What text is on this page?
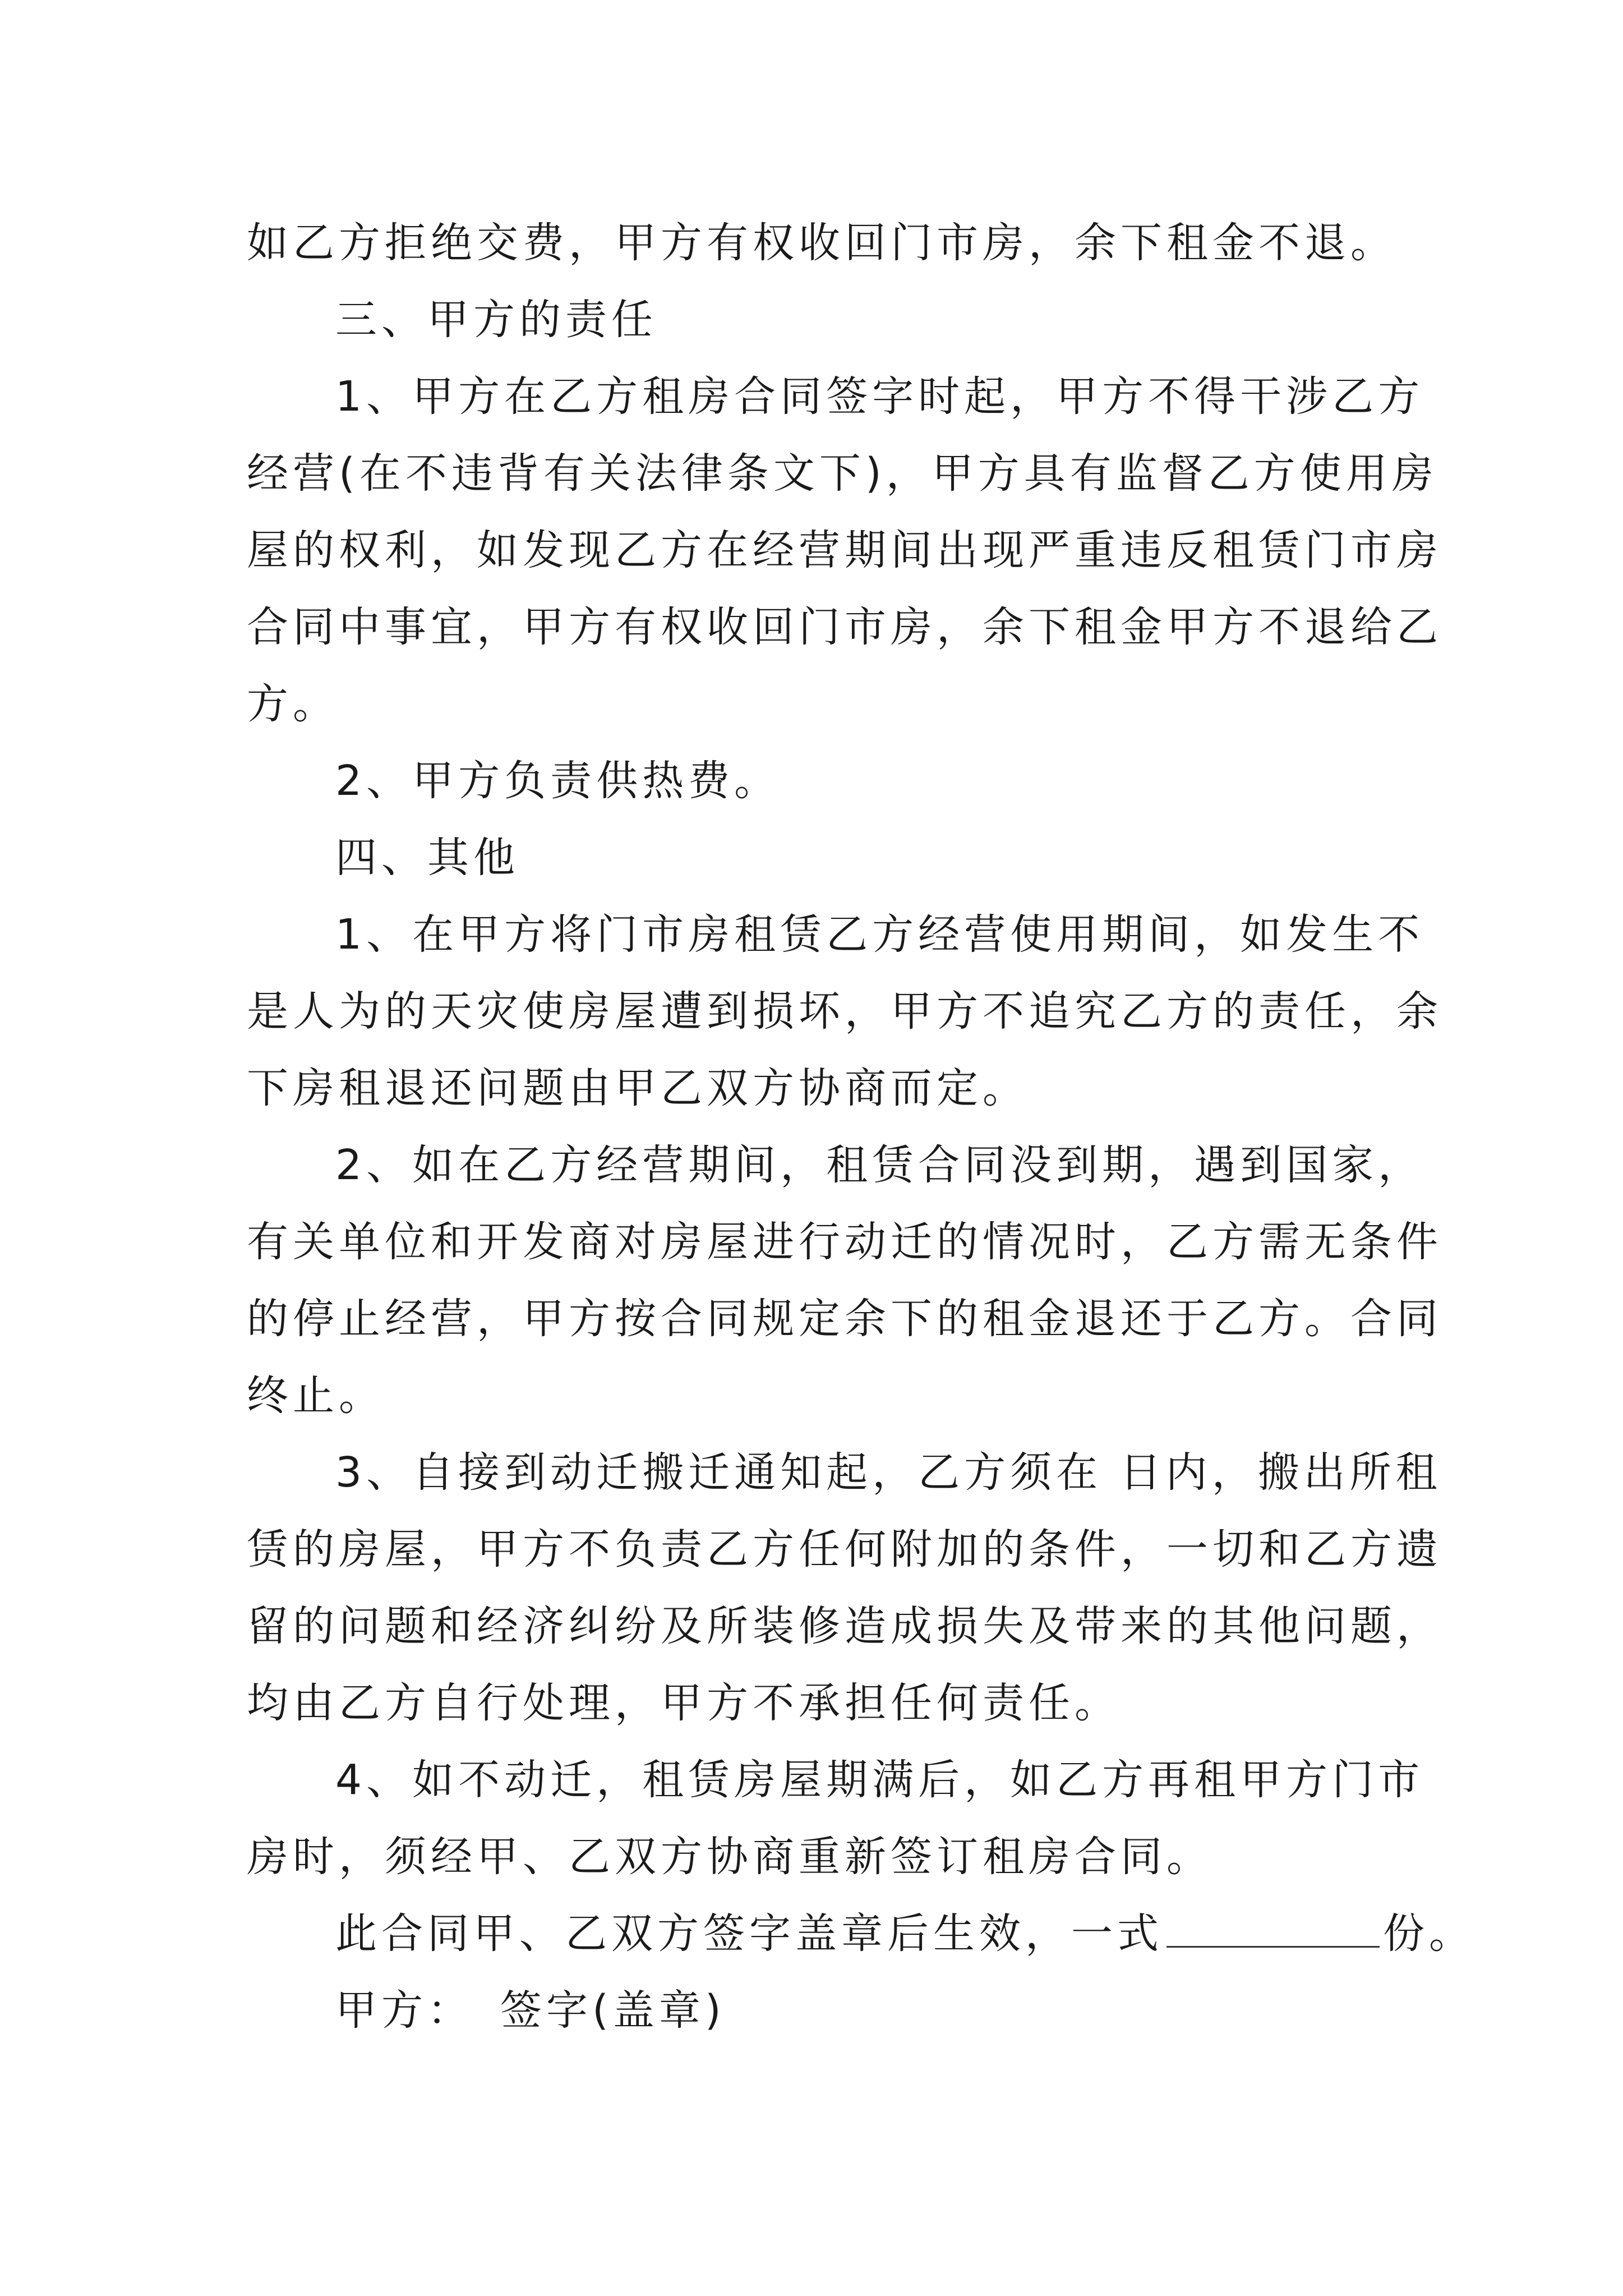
如乙方拒绝交费，甲方有权收回门市房，余下租金不退。
三、甲方的责任
1、甲方在乙方租房合同签字时起，甲方不得干涉乙方
经营(在不违背有关法律条文下)，甲方具有监督乙方使用房
屋的权利，如发现乙方在经营期间出现严重违反租赁门市房
合同中事宜，甲方有权收回门市房，余下租金甲方不退给乙
方。
2、甲方负责供热费。
四、其他
1、在甲方将门市房租赁乙方经营使用期间，如发生不
是人为的天灾使房屋遭到损坏，甲方不追究乙方的责任，余
下房租退还问题由甲乙双方协商而定。
2、如在乙方经营期间，租赁合同没到期，遇到国家，
有关单位和开发商对房屋进行动迁的情况时，乙方需无条件
的停止经营，甲方按合同规定余下的租金退还于乙方。合同
终止。
3、自接到动迁搬迁通知起，乙方须在 日内，搬出所租
赁的房屋，甲方不负责乙方任何附加的条件，一切和乙方遗
留的问题和经济纠纷及所装修造成损失及带来的其他问题，
均由乙方自行处理，甲方不承担任何责任。
4、如不动迁，租赁房屋期满后，如乙方再租甲方门市
房时，须经甲、乙双方协商重新签订租房合同。
此合同甲、乙双方签字盖章后生效，一式	份。
甲方： 签字(盖章)
